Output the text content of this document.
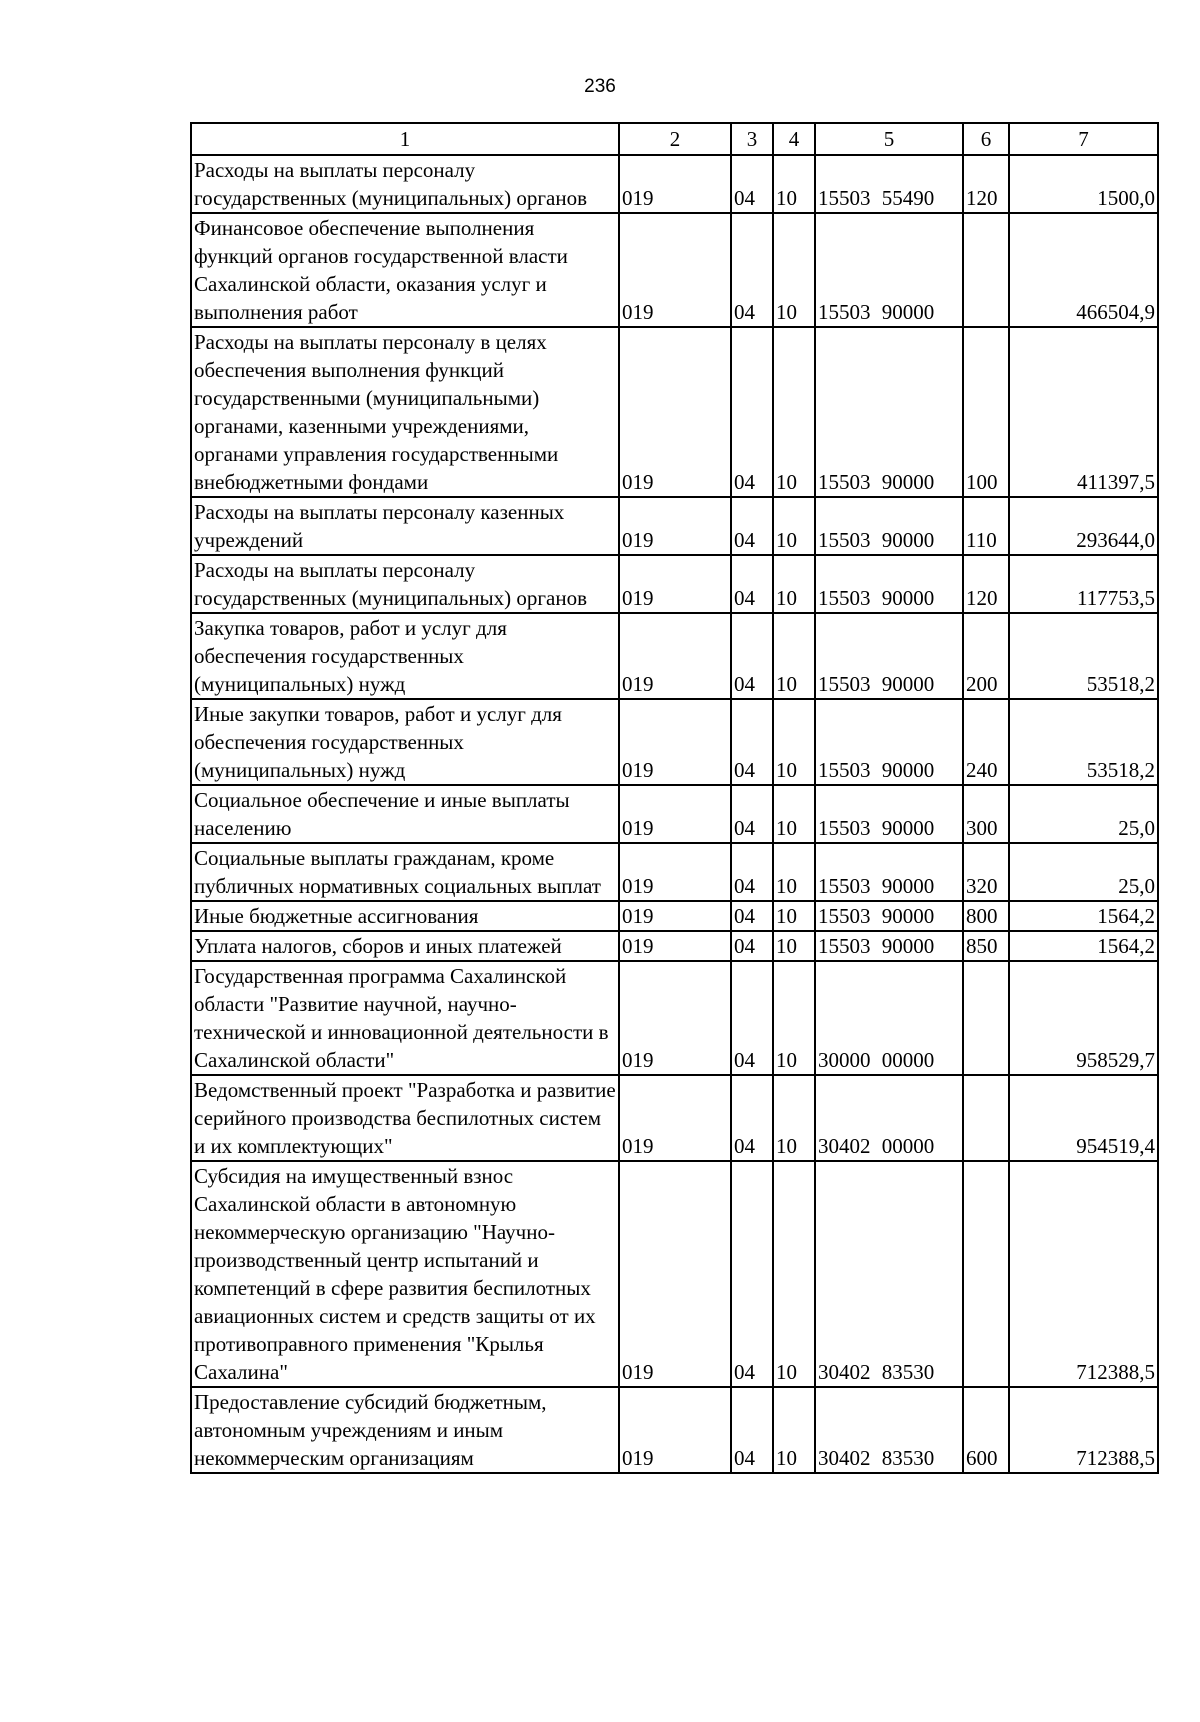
236
1	2	3	4	5	6	7
Расходы на выплаты персоналу государственных (муниципальных) органов	019	04	10	15503 55490	120	1500,0
Финансовое обеспечение выполнения функций органов государственной власти Сахалинской области, оказания услуг и выполнения работ	019	04	10	15503 90000		466504,9
Расходы на выплаты персоналу в целях обеспечения выполнения функций государственными (муниципальными) органами, казенными учреждениями, органами управления государственными внебюджетными фондами	019	04	10	15503 90000	100	411397,5
Расходы на выплаты персоналу казенных учреждений	019	04	10	15503 90000	110	293644,0
Расходы на выплаты персоналу государственных (муниципальных) органов	019	04	10	15503 90000	120	117753,5
Закупка товаров, работ и услуг для обеспечения государственных (муниципальных) нужд	019	04	10	15503 90000	200	53518,2
Иные закупки товаров, работ и услуг для обеспечения государственных (муниципальных) нужд	019	04	10	15503 90000	240	53518,2
Социальное обеспечение и иные выплаты населению	019	04	10	15503 90000	300	25,0
Социальные выплаты гражданам, кроме публичных нормативных социальных выплат	019	04	10	15503 90000	320	25,0
Иные бюджетные ассигнования	019	04	10	15503 90000	800	1564,2
Уплата налогов, сборов и иных платежей	019	04	10	15503 90000	850	1564,2
Государственная программа Сахалинской области "Развитие научной, научно-технической и инновационной деятельности в Сахалинской области"	019	04	10	30000 00000		958529,7
Ведомственный проект "Разработка и развитие серийного производства беспилотных систем и их комплектующих"	019	04	10	30402 00000		954519,4
Субсидия на имущественный взнос Сахалинской области в автономную некоммерческую организацию "Научно-производственный центр испытаний и компетенций в сфере развития беспилотных авиационных систем и средств защиты от их противоправного применения "Крылья Сахалина"	019	04	10	30402 83530		712388,5
Предоставление субсидий бюджетным, автономным учреждениям и иным некоммерческим организациям	019	04	10	30402 83530	600	712388,5
